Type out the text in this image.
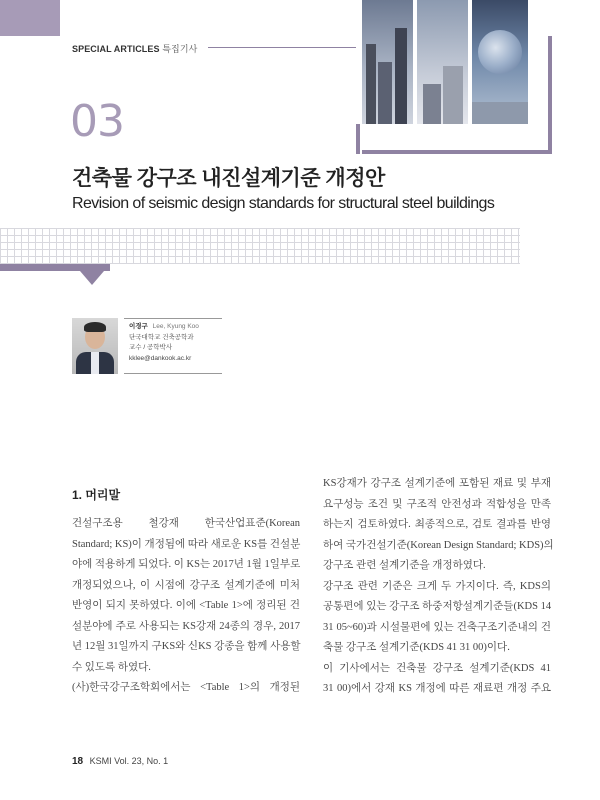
SPECIAL ARTICLES 특집기사
03
건축물 강구조 내진설계기준 개정안
Revision of seismic design standards for structural steel buildings
이경구 Lee, Kyung Koo
단국대학교 건축공학과
교수 / 공학박사
kklee@dankook.ac.kr
1. 머리말
건설구조용 철강재 한국산업표준(Korean
Standard; KS)이 개정됨에 따라 새로운 KS를 건설분
야에 적용하게 되었다. 이 KS는 2017년 1월 1일부로
개정되었으나, 이 시점에 강구조 설계기준에 미처
반영이 되지 못하였다. 이에 <Table 1>에 정리된 건
설분야에 주로 사용되는 KS강재 24종의 경우, 2017
년 12월 31일까지 구KS와 신KS 강종을 함께 사용할
수 있도록 하였다.
(사)한국강구조학회에서는 <Table 1>의 개정된
KS강재가 강구조 설계기준에 포함된 재료 및 부재
요구성능 조건 및 구조적 안전성과 적합성을 만족
하는지 검토하였다. 최종적으로, 검토 결과를 반영
하여 국가건설기준(Korean Design Standard; KDS)의
강구조 관련 설계기준을 개정하였다.
강구조 관련 기준은 크게 두 가지이다. 즉, KDS의
공통편에 있는 강구조 하중저항설계기준들(KDS 14
31 05~60)과 시설물편에 있는 건축구조기준내의 건
축물 강구조 설계기준(KDS 41 31 00)이다.
이 기사에서는 건축물 강구조 설계기준(KDS 41
31 00)에서 강재 KS 개정에 따른 재료편 개정 주요
18 KSMI Vol. 23, No. 1
